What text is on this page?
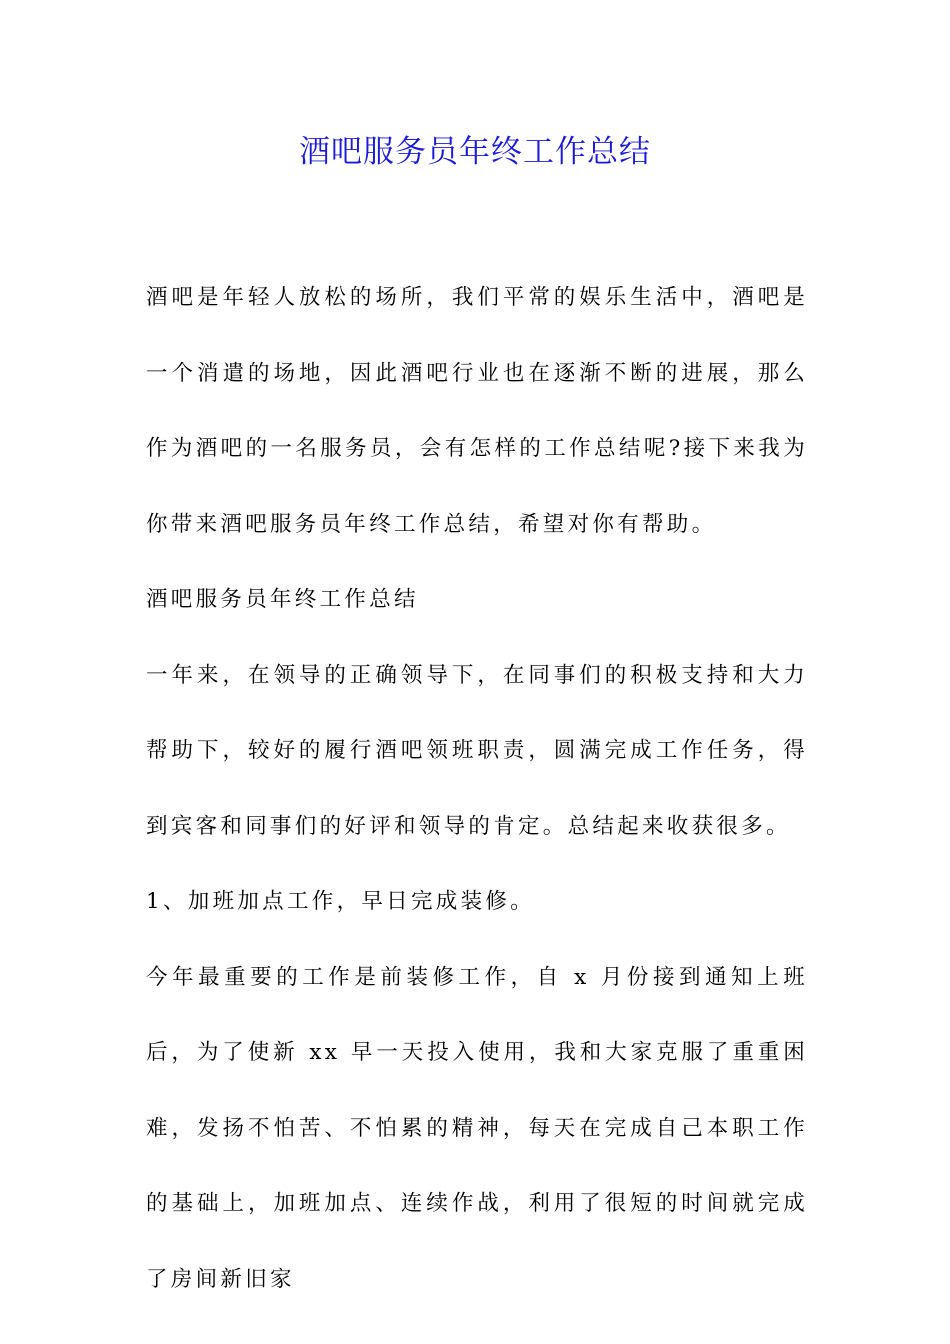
酒吧服务员年终工作总结

酒吧是年轻人放松的场所，我们平常的娱乐生活中，酒吧是一个消遣的场地，因此酒吧行业也在逐渐不断的进展，那么作为酒吧的一名服务员，会有怎样的工作总结呢?接下来我为你带来酒吧服务员年终工作总结，希望对你有帮助。

酒吧服务员年终工作总结

一年来，在领导的正确领导下，在同事们的积极支持和大力帮助下，较好的履行酒吧领班职责，圆满完成工作任务，得到宾客和同事们的好评和领导的肯定。总结起来收获很多。

1、加班加点工作，早日完成装修。

今年最重要的工作是前装修工作，自 x 月份接到通知上班后，为了使新 xx 早一天投入使用，我和大家克服了重重困难，发扬不怕苦、不怕累的精神，每天在完成自己本职工作的基础上，加班加点、连续作战，利用了很短的时间就完成了房间新旧家
